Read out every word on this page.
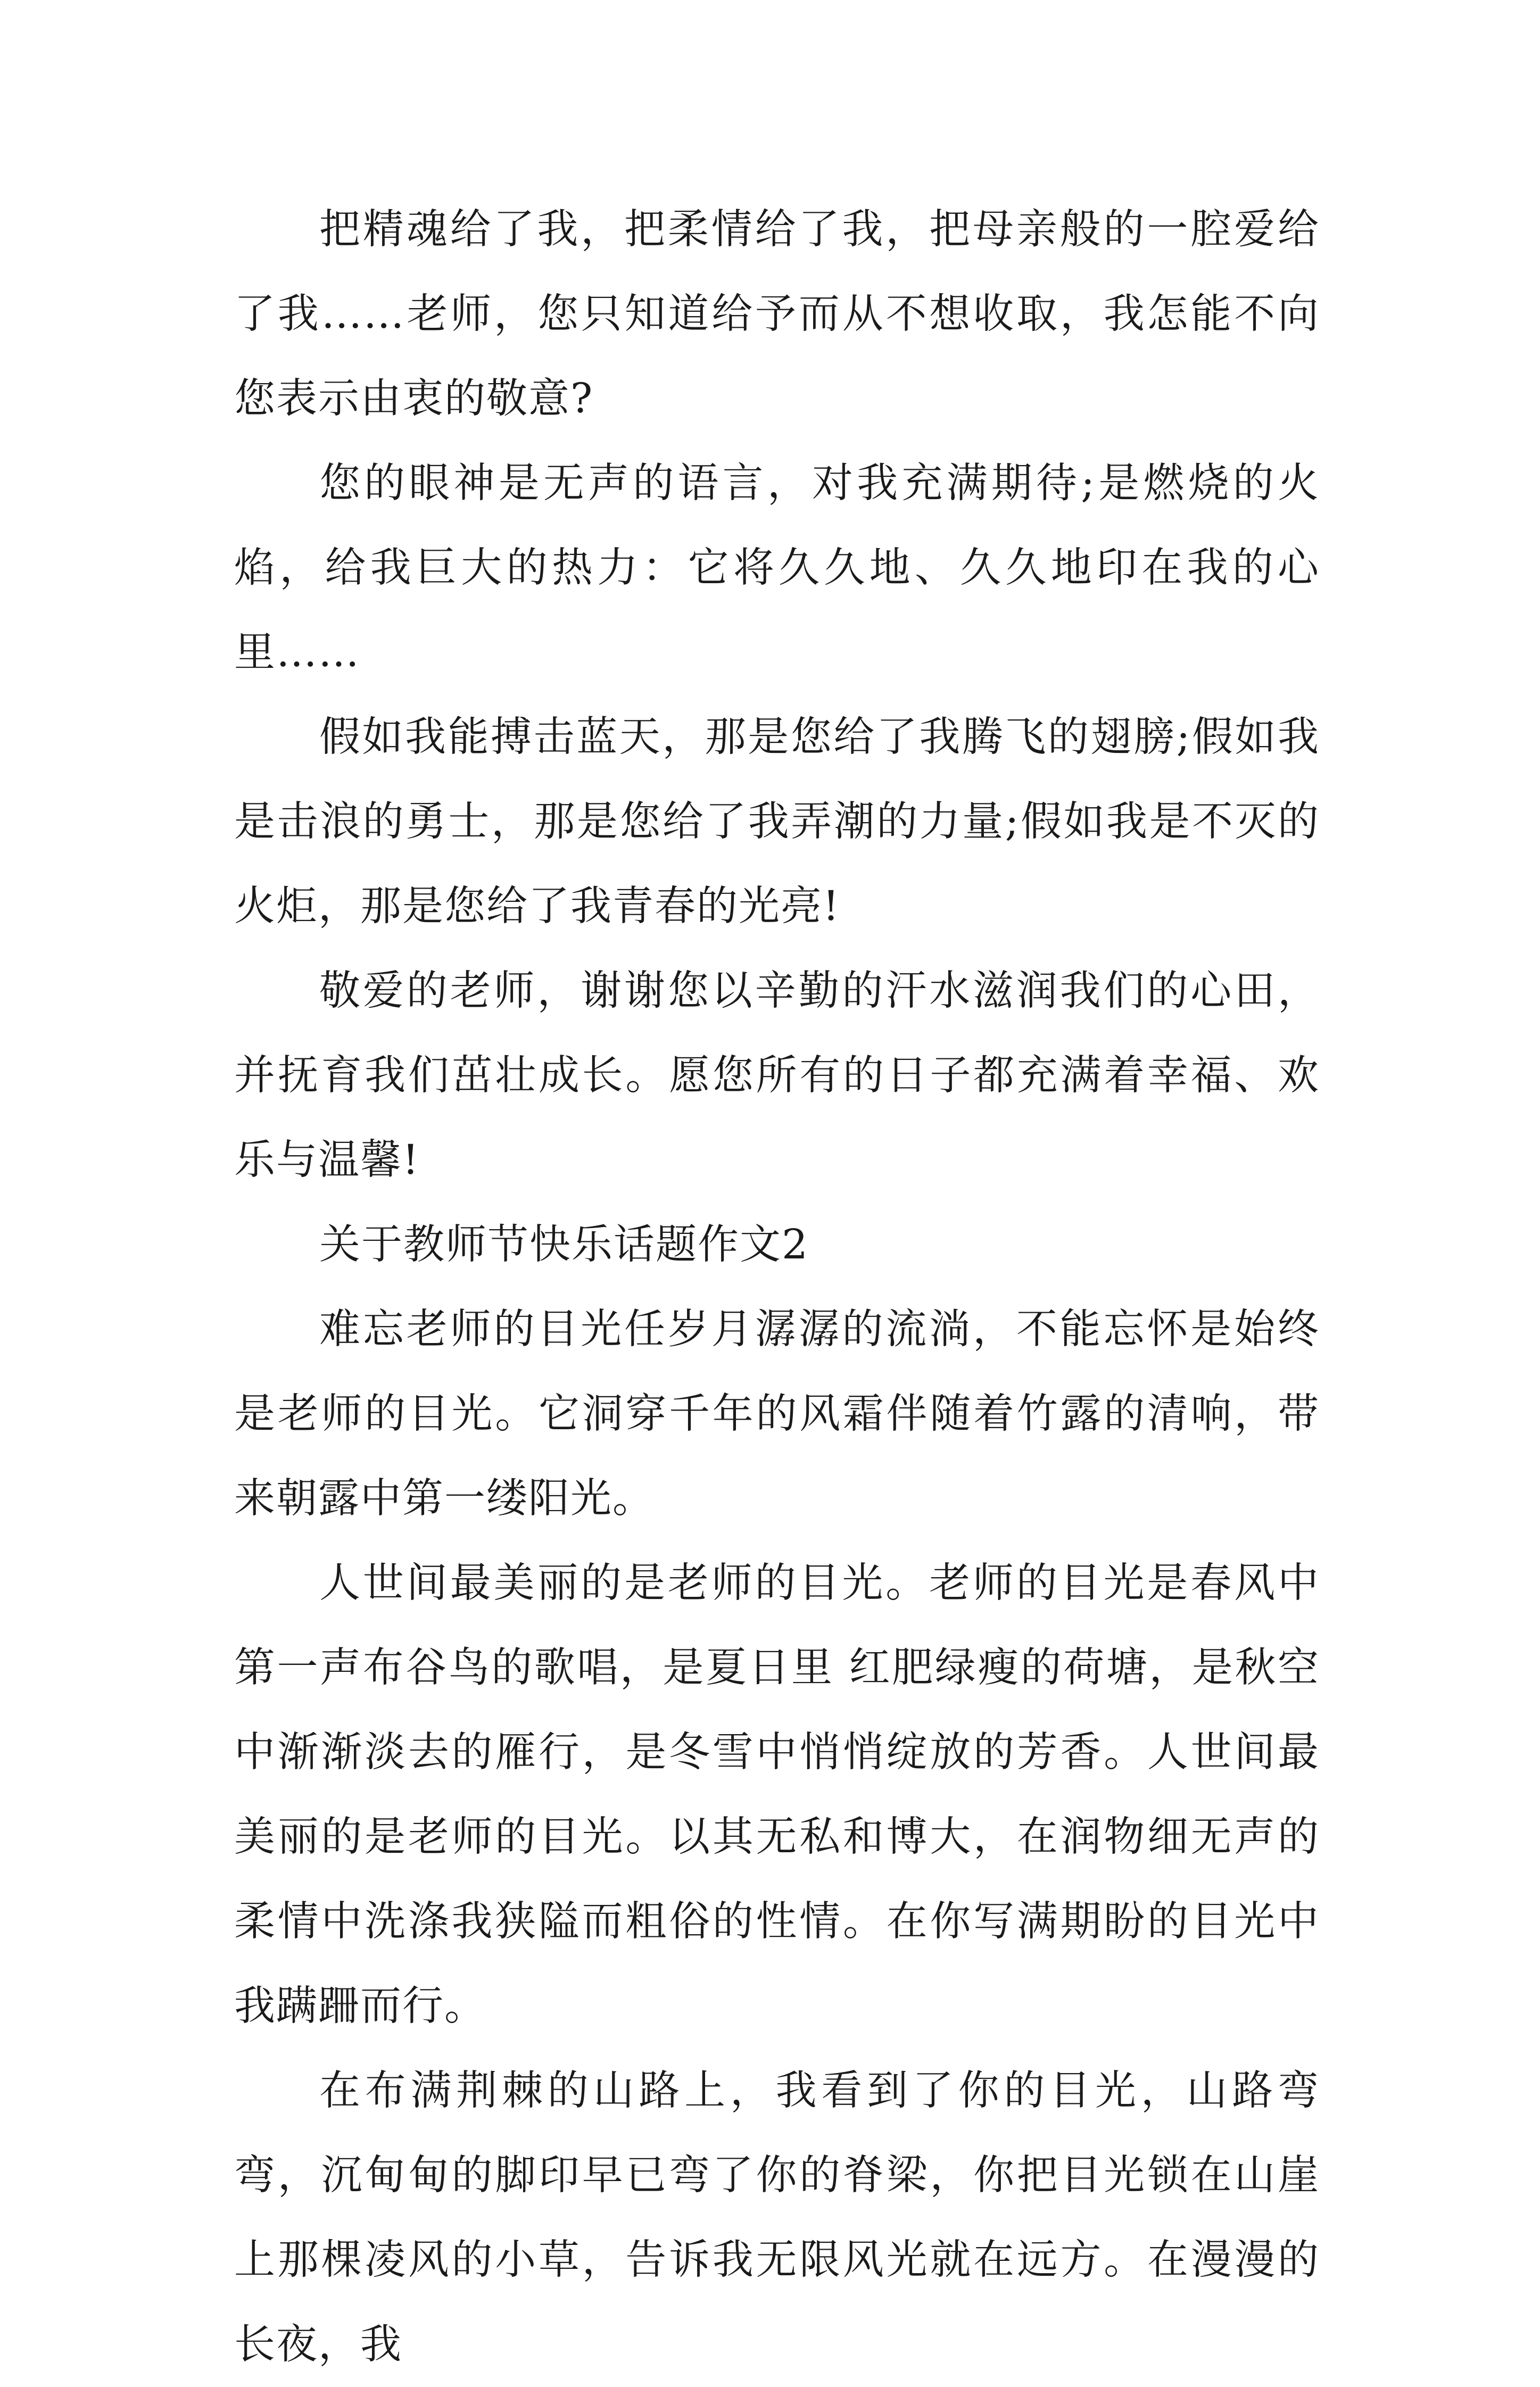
把精魂给了我，把柔情给了我，把母亲般的一腔爱给了我……老师，您只知道给予而从不想收取，我怎能不向您表示由衷的敬意?

您的眼神是无声的语言，对我充满期待;是燃烧的火焰，给我巨大的热力：它将久久地、久久地印在我的心里……

假如我能搏击蓝天，那是您给了我腾飞的翅膀;假如我是击浪的勇士，那是您给了我弄潮的力量;假如我是不灭的火炬，那是您给了我青春的光亮!

敬爱的老师，谢谢您以辛勤的汗水滋润我们的心田，并抚育我们茁壮成长。愿您所有的日子都充满着幸福、欢乐与温馨!

关于教师节快乐话题作文2

难忘老师的目光任岁月潺潺的流淌，不能忘怀是始终是老师的目光。它洞穿千年的风霜伴随着竹露的清响，带来朝露中第一缕阳光。

人世间最美丽的是老师的目光。老师的目光是春风中第一声布谷鸟的歌唱，是夏日里 红肥绿瘦的荷塘，是秋空中渐渐淡去的雁行，是冬雪中悄悄绽放的芳香。人世间最美丽的是老师的目光。以其无私和博大，在润物细无声的柔情中洗涤我狭隘而粗俗的性情。在你写满期盼的目光中我蹒跚而行。

在布满荆棘的山路上，我看到了你的目光，山路弯弯，沉甸甸的脚印早已弯了你的脊梁，你把目光锁在山崖上那棵凌风的小草，告诉我无限风光就在远方。在漫漫的长夜，我
